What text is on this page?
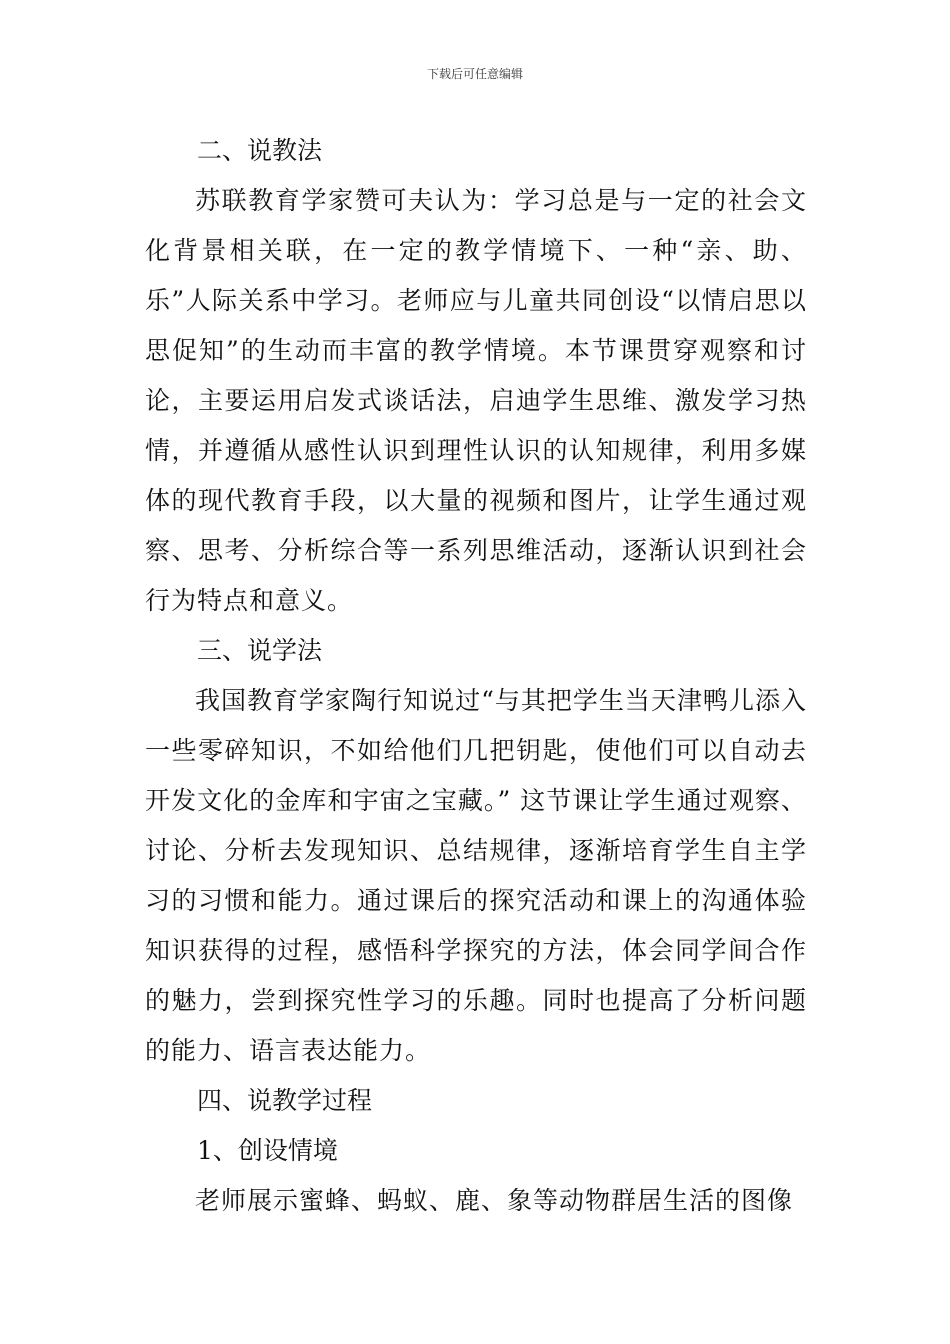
下载后可任意编辑
二、说教法

苏联教育学家赞可夫认为：学习总是与一定的社会文化背景相关联，在一定的教学情境下、一种“亲、助、乐”人际关系中学习。老师应与儿童共同创设“以情启思以思促知”的生动而丰富的教学情境。本节课贯穿观察和讨论，主要运用启发式谈话法，启迪学生思维、激发学习热情，并遵循从感性认识到理性认识的认知规律，利用多媒体的现代教育手段，以大量的视频和图片，让学生通过观察、思考、分析综合等一系列思维活动，逐渐认识到社会行为特点和意义。

三、说学法

我国教育学家陶行知说过“与其把学生当天津鸭儿添入一些零碎知识，不如给他们几把钥匙，使他们可以自动去开发文化的金库和宇宙之宝藏。” 这节课让学生通过观察、讨论、分析去发现知识、总结规律，逐渐培育学生自主学习的习惯和能力。通过课后的探究活动和课上的沟通体验知识获得的过程，感悟科学探究的方法，体会同学间合作的魅力，尝到探究性学习的乐趣。同时也提高了分析问题的能力、语言表达能力。

四、说教学过程
1、创设情境

老师展示蜜蜂、蚂蚁、鹿、象等动物群居生活的图像
